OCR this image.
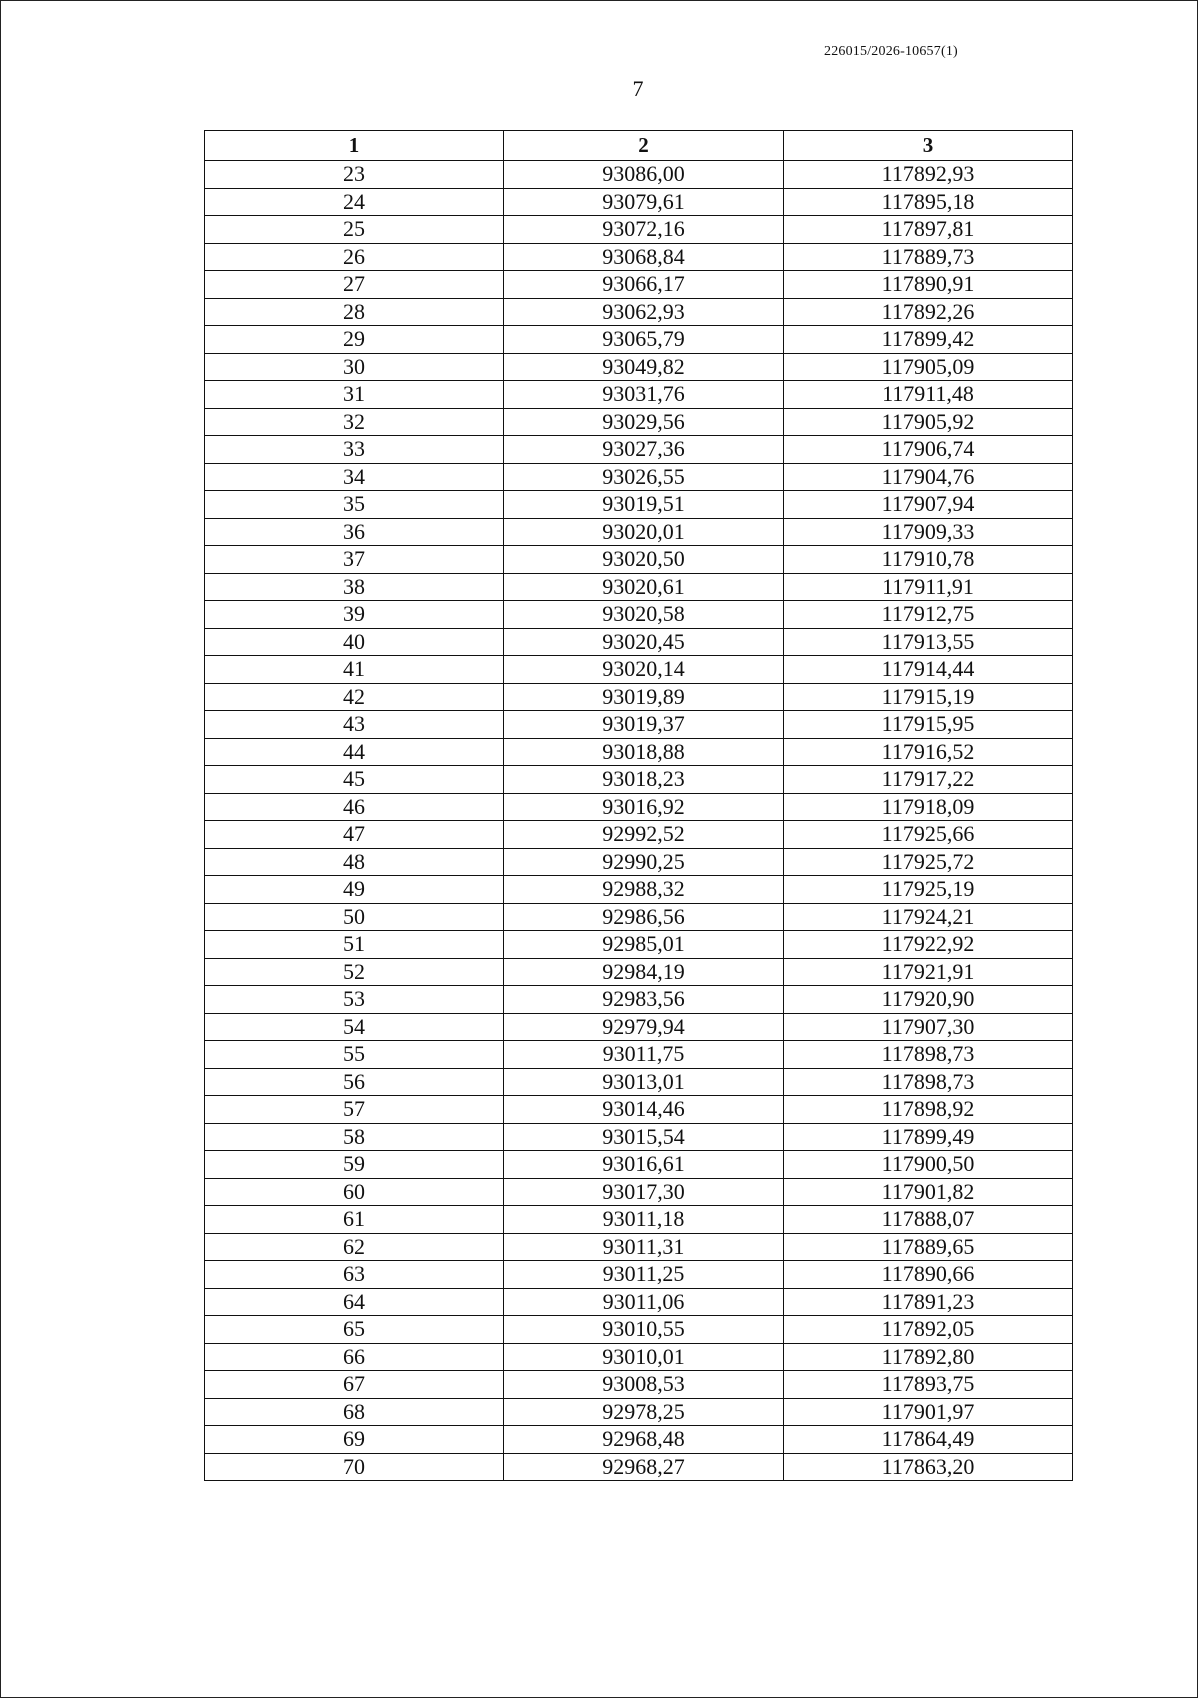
226015/2026-10657(1)
7
1	2	3
23	93086,00	117892,93
24	93079,61	117895,18
25	93072,16	117897,81
26	93068,84	117889,73
27	93066,17	117890,91
28	93062,93	117892,26
29	93065,79	117899,42
30	93049,82	117905,09
31	93031,76	117911,48
32	93029,56	117905,92
33	93027,36	117906,74
34	93026,55	117904,76
35	93019,51	117907,94
36	93020,01	117909,33
37	93020,50	117910,78
38	93020,61	117911,91
39	93020,58	117912,75
40	93020,45	117913,55
41	93020,14	117914,44
42	93019,89	117915,19
43	93019,37	117915,95
44	93018,88	117916,52
45	93018,23	117917,22
46	93016,92	117918,09
47	92992,52	117925,66
48	92990,25	117925,72
49	92988,32	117925,19
50	92986,56	117924,21
51	92985,01	117922,92
52	92984,19	117921,91
53	92983,56	117920,90
54	92979,94	117907,30
55	93011,75	117898,73
56	93013,01	117898,73
57	93014,46	117898,92
58	93015,54	117899,49
59	93016,61	117900,50
60	93017,30	117901,82
61	93011,18	117888,07
62	93011,31	117889,65
63	93011,25	117890,66
64	93011,06	117891,23
65	93010,55	117892,05
66	93010,01	117892,80
67	93008,53	117893,75
68	92978,25	117901,97
69	92968,48	117864,49
70	92968,27	117863,20
